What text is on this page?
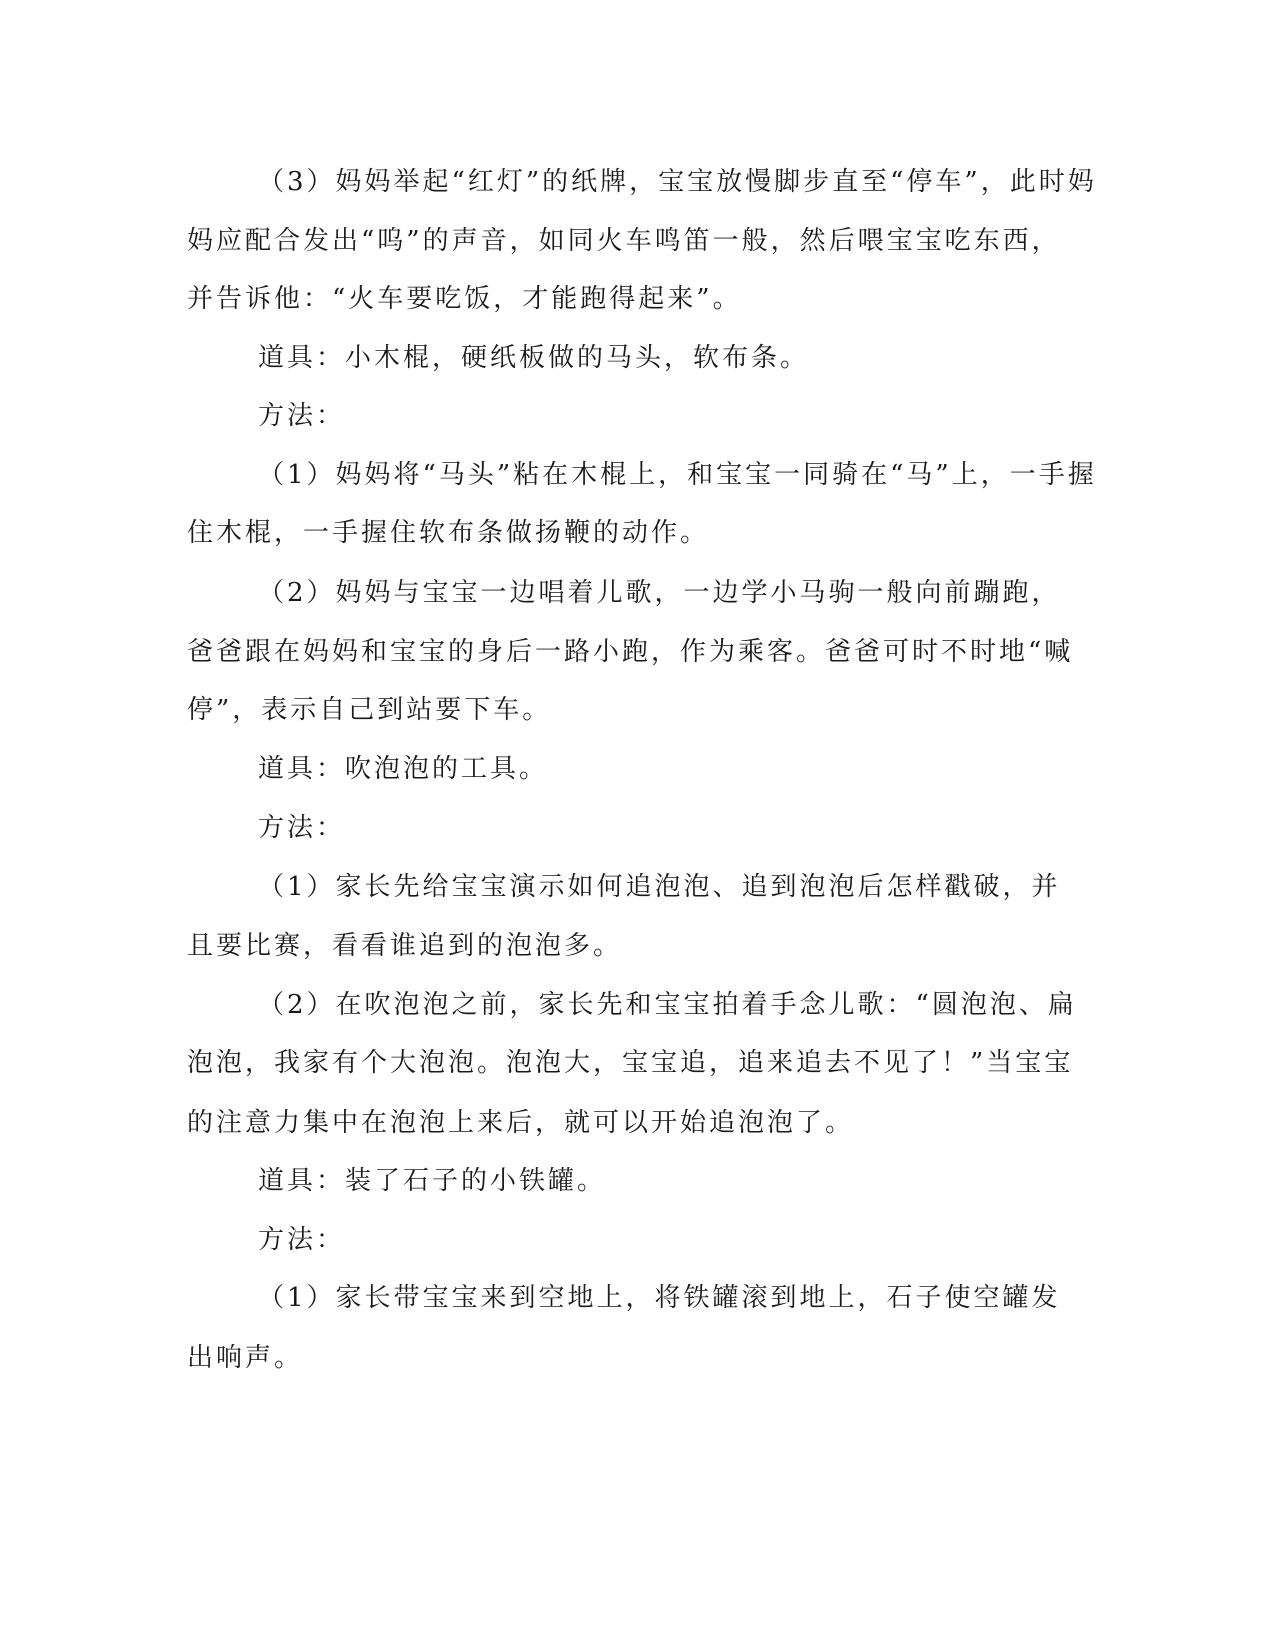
（3）妈妈举起“红灯”的纸牌，宝宝放慢脚步直至“停车”，此时妈
妈应配合发出“呜”的声音，如同火车鸣笛一般，然后喂宝宝吃东西，
并告诉他：“火车要吃饭，才能跑得起来”。
道具：小木棍，硬纸板做的马头，软布条。
方法：
（1）妈妈将“马头”粘在木棍上，和宝宝一同骑在“马”上，一手握
住木棍，一手握住软布条做扬鞭的动作。
（2）妈妈与宝宝一边唱着儿歌，一边学小马驹一般向前蹦跑，
爸爸跟在妈妈和宝宝的身后一路小跑，作为乘客。爸爸可时不时地“喊
停”，表示自己到站要下车。
道具：吹泡泡的工具。
方法：
（1）家长先给宝宝演示如何追泡泡、追到泡泡后怎样戳破，并
且要比赛，看看谁追到的泡泡多。
（2）在吹泡泡之前，家长先和宝宝拍着手念儿歌：“圆泡泡、扁
泡泡，我家有个大泡泡。泡泡大，宝宝追，追来追去不见了！”当宝宝
的注意力集中在泡泡上来后，就可以开始追泡泡了。
道具：装了石子的小铁罐。
方法：
（1）家长带宝宝来到空地上，将铁罐滚到地上，石子使空罐发
出响声。
